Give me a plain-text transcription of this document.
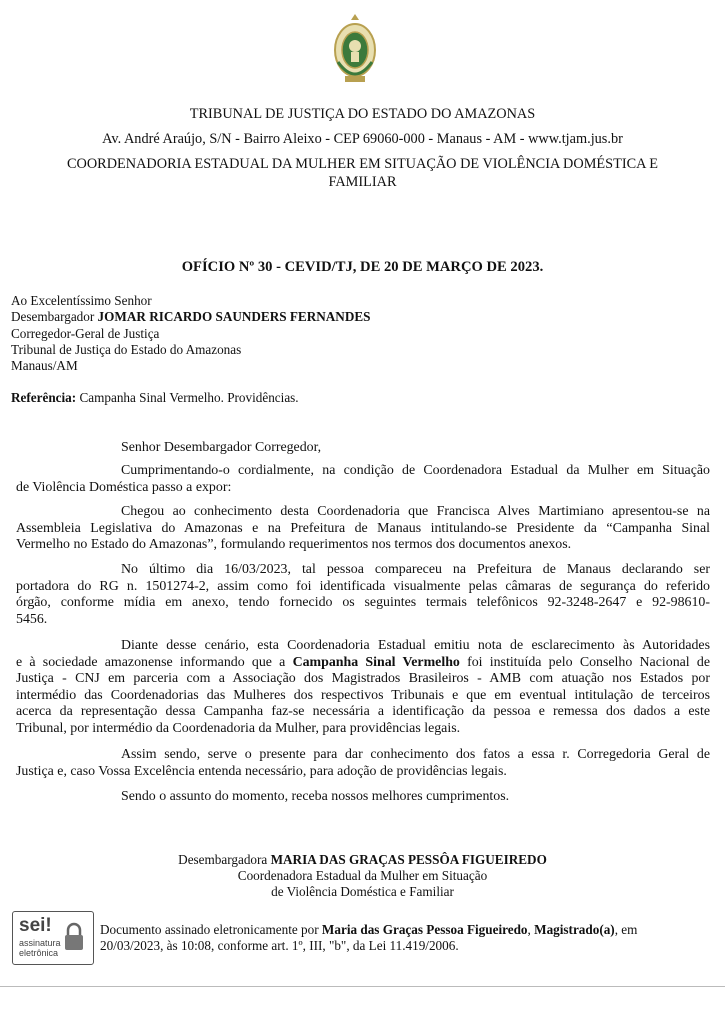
TRIBUNAL DE JUSTIÇA DO ESTADO DO AMAZONAS
Av. André Araújo, S/N - Bairro Aleixo - CEP 69060-000 - Manaus - AM - www.tjam.jus.br
COORDENADORIA ESTADUAL DA MULHER EM SITUAÇÃO DE VIOLÊNCIA DOMÉSTICA E
FAMILIAR
OFÍCIO Nº 30 - CEVID/TJ, DE 20 DE MARÇO DE 2023.
Ao Excelentíssimo Senhor
Desembargador JOMAR RICARDO SAUNDERS FERNANDES
Corregedor-Geral de Justiça
Tribunal de Justiça do Estado do Amazonas
Manaus/AM
Referência: Campanha Sinal Vermelho. Providências.
Senhor Desembargador Corregedor,
Cumprimentando-o cordialmente, na condição de Coordenadora Estadual da Mulher em Situação
de Violência Doméstica passo a expor:
Chegou ao conhecimento desta Coordenadoria que Francisca Alves Martimiano apresentou-se na
Assembleia Legislativa do Amazonas e na Prefeitura de Manaus intitulando-se Presidente da “Campanha Sinal
Vermelho no Estado do Amazonas”, formulando requerimentos nos termos dos documentos anexos.
No último dia 16/03/2023, tal pessoa compareceu na Prefeitura de Manaus declarando ser
portadora do RG n. 1501274-2, assim como foi identificada visualmente pelas câmaras de segurança do referido
órgão, conforme mídia em anexo, tendo fornecido os seguintes termais telefônicos 92-3248-2647 e 92-98610-
5456.
Diante desse cenário, esta Coordenadoria Estadual emitiu nota de esclarecimento às Autoridades
e à sociedade amazonense informando que a Campanha Sinal Vermelho foi instituída pelo Conselho Nacional de
Justiça - CNJ em parceria com a Associação dos Magistrados Brasileiros - AMB com atuação nos Estados por
intermédio das Coordenadorias das Mulheres dos respectivos Tribunais e que em eventual intitulação de terceiros
acerca da representação dessa Campanha faz-se necessária a identificação da pessoa e remessa dos dados a este
Tribunal, por intermédio da Coordenadoria da Mulher, para providências legais.
Assim sendo, serve o presente para dar conhecimento dos fatos a essa r. Corregedoria Geral de
Justiça e, caso Vossa Excelência entenda necessário, para adoção de providências legais.
Sendo o assunto do momento, receba nossos melhores cumprimentos.
Desembargadora MARIA DAS GRAÇAS PESSÔA FIGUEIREDO
Coordenadora Estadual da Mulher em Situação
de Violência Doméstica e Familiar
sei!
assinatura
eletrônica
Documento assinado eletronicamente por Maria das Graças Pessoa Figueiredo, Magistrado(a), em
20/03/2023, às 10:08, conforme art. 1º, III, "b", da Lei 11.419/2006.
